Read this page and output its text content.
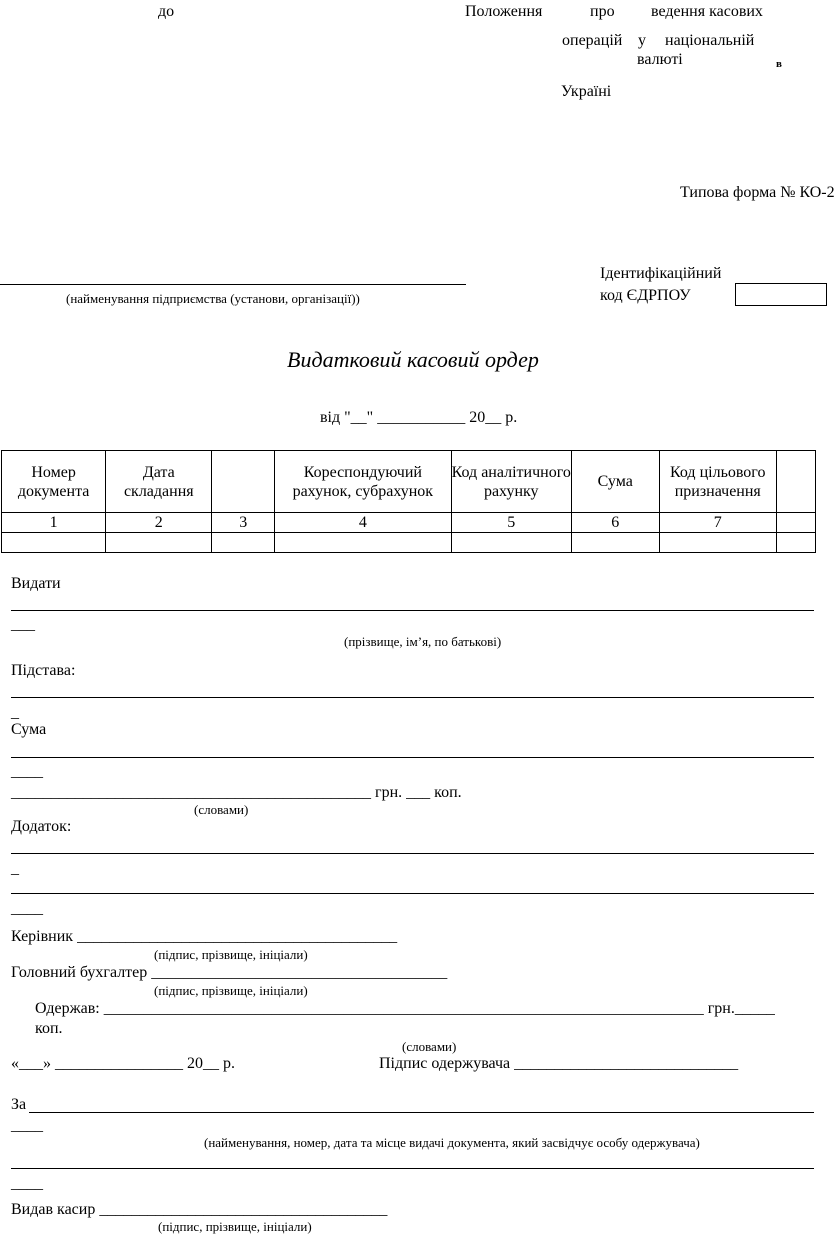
до	Положення	про ведення касових
операцій у національній
валюті	в
Україні
Типова форма № КО-2
(найменування підприємства (установи, організації))
Ідентифікаційний
код ЄДРПОУ
Видатковий касовий ордер
від "__" ___________ 20__ р.
Номер документа	Дата складання		Кореспондуючий рахунок, субрахунок	Код аналітичного рахунку	Сума	Код цільового призначення	
1	2	3	4	5	6	7	

Видати
___
(прізвище, ім’я, по батькові)
Підстава:
_
Сума
____
_____________________________________________ грн. ___ коп.
(словами)
Додаток:
_
____
Керівник ________________________________________
(підпис, прізвище, ініціали)
Головний бухгалтер _____________________________________
(підпис, прізвище, ініціали)
Одержав: ___________________________________________________________________________ грн._____
коп.
(словами)
«___» ________________ 20__ р.	Підпис одержувача ____________________________
За
____
(найменування, номер, дата та місце видачі документа, який засвідчує особу одержувача)
____
Видав касир ____________________________________
(підпис, прізвище, ініціали)
